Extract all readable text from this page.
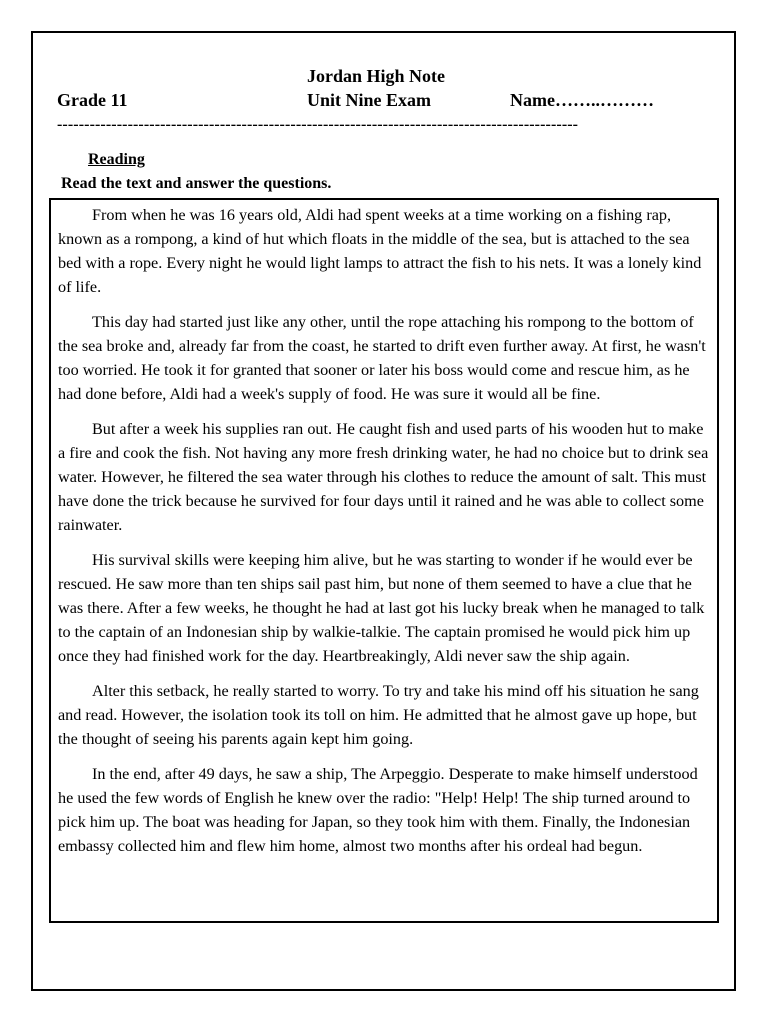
Jordan High Note
Grade 11	Unit Nine Exam	Name……..………
------------------------------------------------------------------------------------------------
Reading
Read the text and answer the questions.

From when he was 16 years old, Aldi had spent weeks at a time working on a fishing rap, known as a rompong, a kind of hut which floats in the middle of the sea, but is attached to the sea bed with a rope. Every night he would light lamps to attract the fish to his nets. It was a lonely kind of life.

This day had started just like any other, until the rope attaching his rompong to the bottom of the sea broke and, already far from the coast, he started to drift even further away. At first, he wasn't too worried. He took it for granted that sooner or later his boss would come and rescue him, as he had done before, Aldi had a week's supply of food. He was sure it would all be fine.

But after a week his supplies ran out. He caught fish and used parts of his wooden hut to make a fire and cook the fish. Not having any more fresh drinking water, he had no choice but to drink sea water. However, he filtered the sea water through his clothes to reduce the amount of salt. This must have done the trick because he survived for four days until it rained and he was able to collect some rainwater.

His survival skills were keeping him alive, but he was starting to wonder if he would ever be rescued. He saw more than ten ships sail past him, but none of them seemed to have a clue that he was there. After a few weeks, he thought he had at last got his lucky break when he managed to talk to the captain of an Indonesian ship by walkie-talkie. The captain promised he would pick him up once they had finished work for the day. Heartbreakingly, Aldi never saw the ship again.

Alter this setback, he really started to worry. To try and take his mind off his situation he sang and read. However, the isolation took its toll on him. He admitted that he almost gave up hope, but the thought of seeing his parents again kept him going.

In the end, after 49 days, he saw a ship, The Arpeggio. Desperate to make himself understood he used the few words of English he knew over the radio: "Help! Help! The ship turned around to pick him up. The boat was heading for Japan, so they took him with them. Finally, the Indonesian embassy collected him and flew him home, almost two months after his ordeal had begun.
